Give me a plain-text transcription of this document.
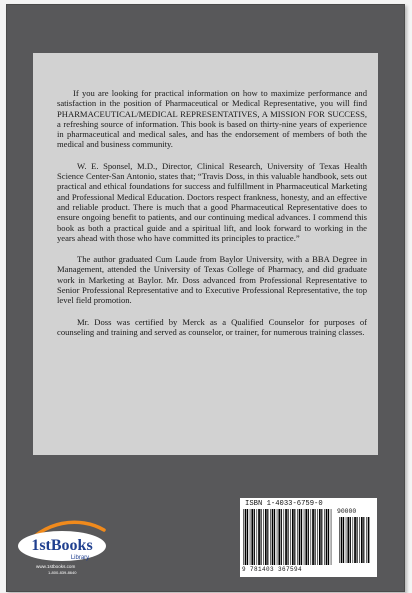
If you are looking for practical information on how to maximize performance and satisfaction in the position of Pharmaceutical or Medical Representative, you will find PHARMACEUTICAL/MEDICAL REPRESENTATIVES, A MISSION FOR SUCCESS, a refreshing source of information. This book is based on thirty-nine years of experience in pharmaceutical and medical sales, and has the endorsement of members of both the medical and business community.

W. E. Sponsel, M.D., Director, Clinical Research, University of Texas Health Science Center-San Antonio, states that; “Travis Doss, in this valuable handbook, sets out practical and ethical foundations for success and fulfillment in Pharmaceutical Marketing and Professional Medical Education. Doctors respect frankness, honesty, and an effective and reliable product. There is much that a good Pharmaceutical Representative does to ensure ongoing benefit to patients, and our continuing medical advances. I commend this book as both a practical guide and a spiritual lift, and look forward to working in the years ahead with those who have committed its principles to practice.”

The author graduated Cum Laude from Baylor University, with a BBA Degree in Management, attended the University of Texas College of Pharmacy, and did graduate work in Marketing at Baylor. Mr. Doss advanced from Professional Representative to Senior Professional Representative and to Executive Professional Representative, the top level field promotion.

Mr. Doss was certified by Merck as a Qualified Counselor for purposes of counseling and training and served as counselor, or trainer, for numerous training classes.

1stBooks
Library
www.1stbooks.com
1-800-839-8640
ISBN 1-4033-6759-0
90000
9 781403 367594
